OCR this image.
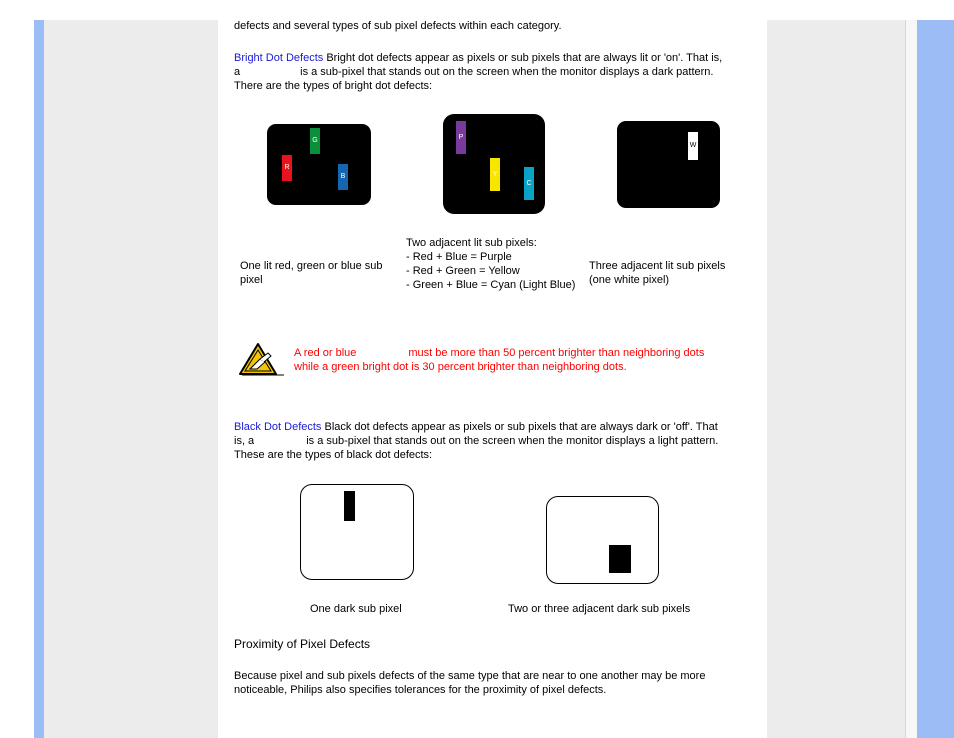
defects and several types of sub pixel defects within each category.
Bright Dot Defects Bright dot defects appear as pixels or sub pixels that are always lit or 'on'. That is,
a	is a sub-pixel that stands out on the screen when the monitor displays a dark pattern.
There are the types of bright dot defects:
G
R
B
P
Y
C
W
One lit red, green or blue sub pixel
Two adjacent lit sub pixels:
- Red + Blue = Purple
- Red + Green = Yellow
- Green + Blue = Cyan (Light Blue)
Three adjacent lit sub pixels (one white pixel)
A red or blue	must be more than 50 percent brighter than neighboring dots
while a green bright dot is 30 percent brighter than neighboring dots.
Black Dot Defects Black dot defects appear as pixels or sub pixels that are always dark or 'off'. That
is, a	is a sub-pixel that stands out on the screen when the monitor displays a light pattern.
These are the types of black dot defects:
One dark sub pixel	Two or three adjacent dark sub pixels
Proximity of Pixel Defects
Because pixel and sub pixels defects of the same type that are near to one another may be more
noticeable, Philips also specifies tolerances for the proximity of pixel defects.
